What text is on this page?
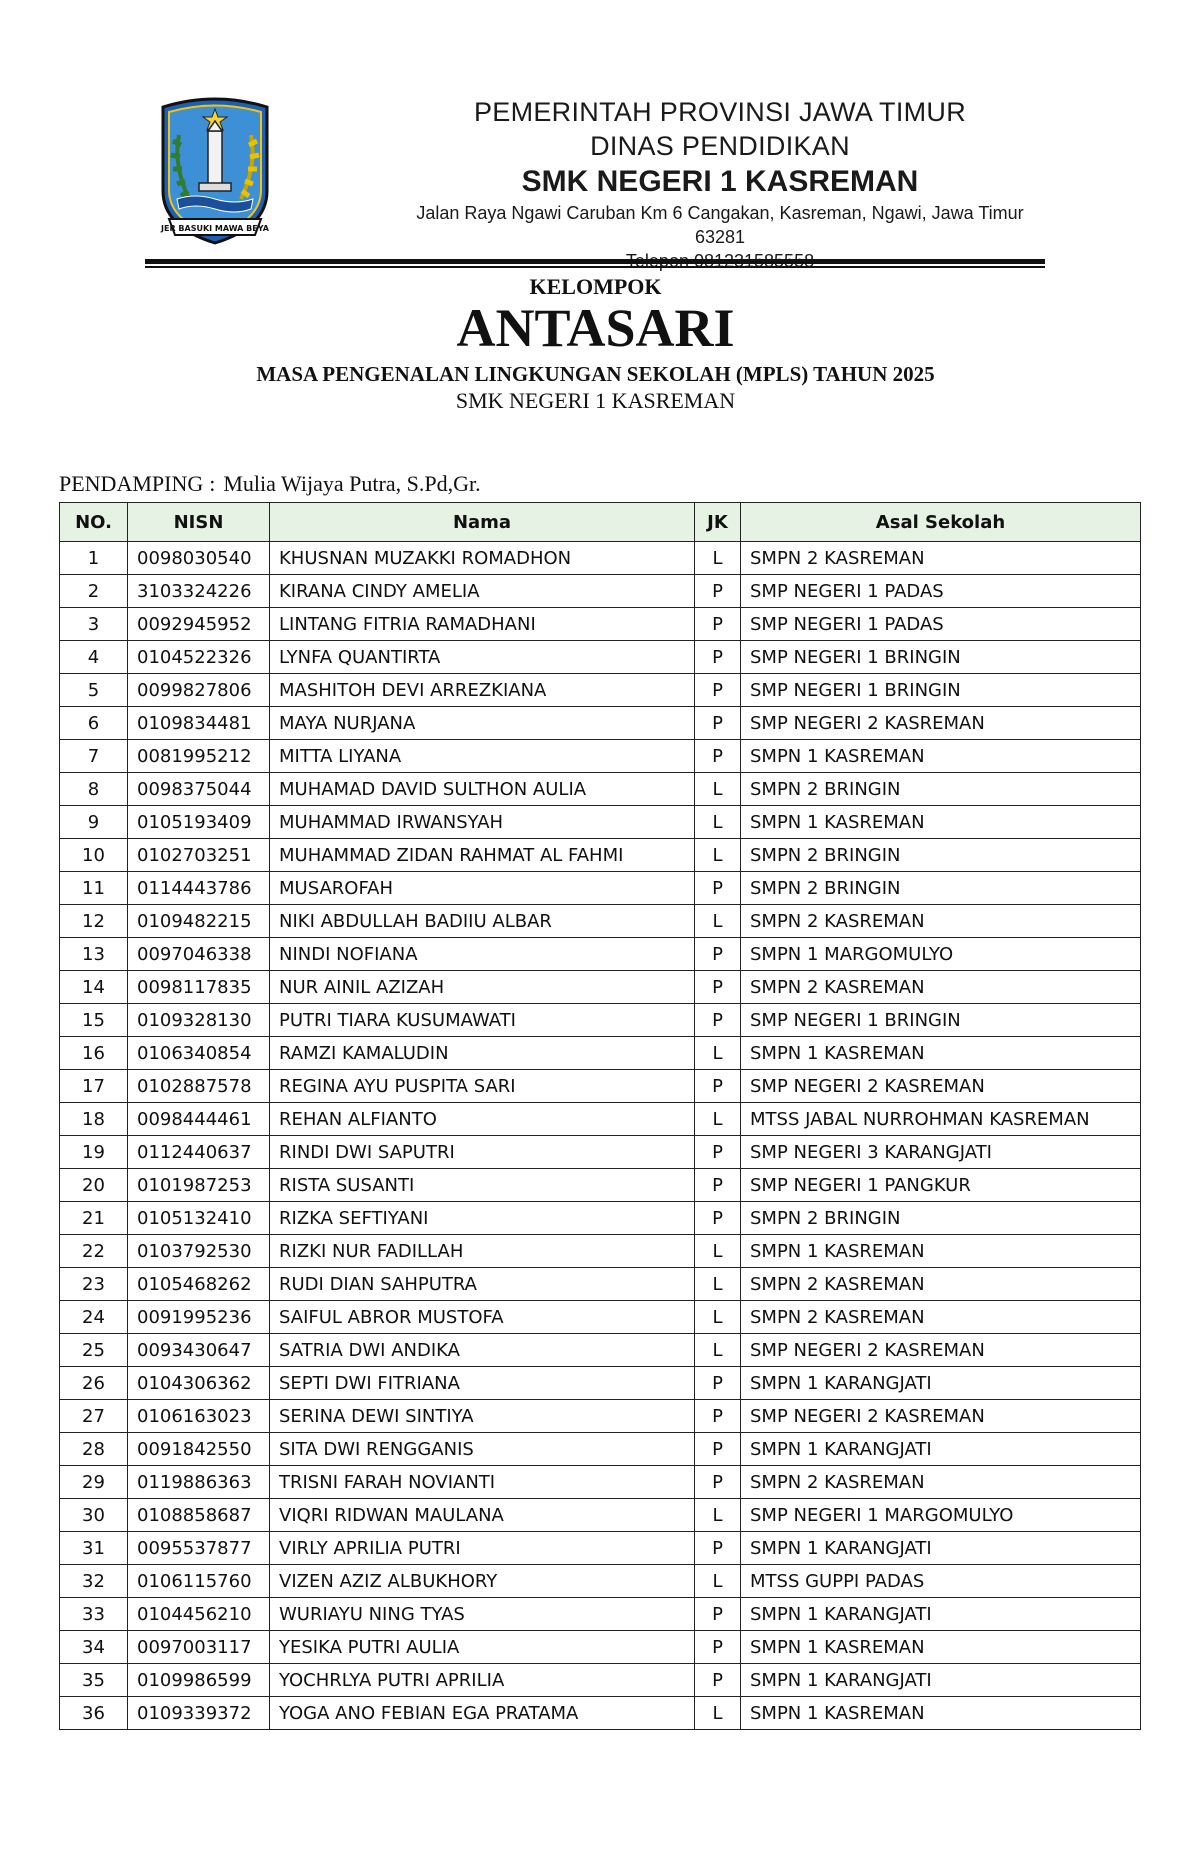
JER BASUKI MAWA BEYA
PEMERINTAH PROVINSI JAWA TIMUR
DINAS PENDIDIKAN
SMK NEGERI 1 KASREMAN
Jalan Raya Ngawi Caruban Km 6 Cangakan, Kasreman, Ngawi, Jawa Timur 63281
KELOMPOK
ANTASARI
MASA PENGENALAN LINGKUNGAN SEKOLAH (MPLS) TAHUN 2025
SMK NEGERI 1 KASREMAN
PENDAMPING : Mulia Wijaya Putra, S.Pd,Gr.
NO.	NISN	Nama	JK	Asal Sekolah
1	0098030540	KHUSNAN MUZAKKI ROMADHON	L	SMPN 2 KASREMAN
2	3103324226	KIRANA CINDY AMELIA	P	SMP NEGERI 1 PADAS
3	0092945952	LINTANG FITRIA RAMADHANI	P	SMP NEGERI 1 PADAS
4	0104522326	LYNFA QUANTIRTA	P	SMP NEGERI 1 BRINGIN
5	0099827806	MASHITOH DEVI ARREZKIANA	P	SMP NEGERI 1 BRINGIN
6	0109834481	MAYA NURJANA	P	SMP NEGERI 2 KASREMAN
7	0081995212	MITTA LIYANA	P	SMPN 1 KASREMAN
8	0098375044	MUHAMAD DAVID SULTHON AULIA	L	SMPN 2 BRINGIN
9	0105193409	MUHAMMAD IRWANSYAH	L	SMPN 1 KASREMAN
10	0102703251	MUHAMMAD ZIDAN RAHMAT AL FAHMI	L	SMPN 2 BRINGIN
11	0114443786	MUSAROFAH	P	SMPN 2 BRINGIN
12	0109482215	NIKI ABDULLAH BADIIU ALBAR	L	SMPN 2 KASREMAN
13	0097046338	NINDI NOFIANA	P	SMPN 1 MARGOMULYO
14	0098117835	NUR AINIL AZIZAH	P	SMPN 2 KASREMAN
15	0109328130	PUTRI TIARA KUSUMAWATI	P	SMP NEGERI 1 BRINGIN
16	0106340854	RAMZI KAMALUDIN	L	SMPN 1 KASREMAN
17	0102887578	REGINA AYU PUSPITA SARI	P	SMP NEGERI 2 KASREMAN
18	0098444461	REHAN ALFIANTO	L	MTSS JABAL NURROHMAN KASREMAN
19	0112440637	RINDI DWI SAPUTRI	P	SMP NEGERI 3 KARANGJATI
20	0101987253	RISTA SUSANTI	P	SMP NEGERI 1 PANGKUR
21	0105132410	RIZKA SEFTIYANI	P	SMPN 2 BRINGIN
22	0103792530	RIZKI NUR FADILLAH	L	SMPN 1 KASREMAN
23	0105468262	RUDI DIAN SAHPUTRA	L	SMPN 2 KASREMAN
24	0091995236	SAIFUL ABROR MUSTOFA	L	SMPN 2 KASREMAN
25	0093430647	SATRIA DWI ANDIKA	L	SMP NEGERI 2 KASREMAN
26	0104306362	SEPTI DWI FITRIANA	P	SMPN 1 KARANGJATI
27	0106163023	SERINA DEWI SINTIYA	P	SMP NEGERI 2 KASREMAN
28	0091842550	SITA DWI RENGGANIS	P	SMPN 1 KARANGJATI
29	0119886363	TRISNI FARAH NOVIANTI	P	SMPN 2 KASREMAN
30	0108858687	VIQRI RIDWAN MAULANA	L	SMP NEGERI 1 MARGOMULYO
31	0095537877	VIRLY APRILIA PUTRI	P	SMPN 1 KARANGJATI
32	0106115760	VIZEN AZIZ ALBUKHORY	L	MTSS GUPPI PADAS
33	0104456210	WURIAYU NING TYAS	P	SMPN 1 KARANGJATI
34	0097003117	YESIKA PUTRI AULIA	P	SMPN 1 KASREMAN
35	0109986599	YOCHRLYA PUTRI APRILIA	P	SMPN 1 KARANGJATI
36	0109339372	YOGA ANO FEBIAN EGA PRATAMA	L	SMPN 1 KASREMAN
